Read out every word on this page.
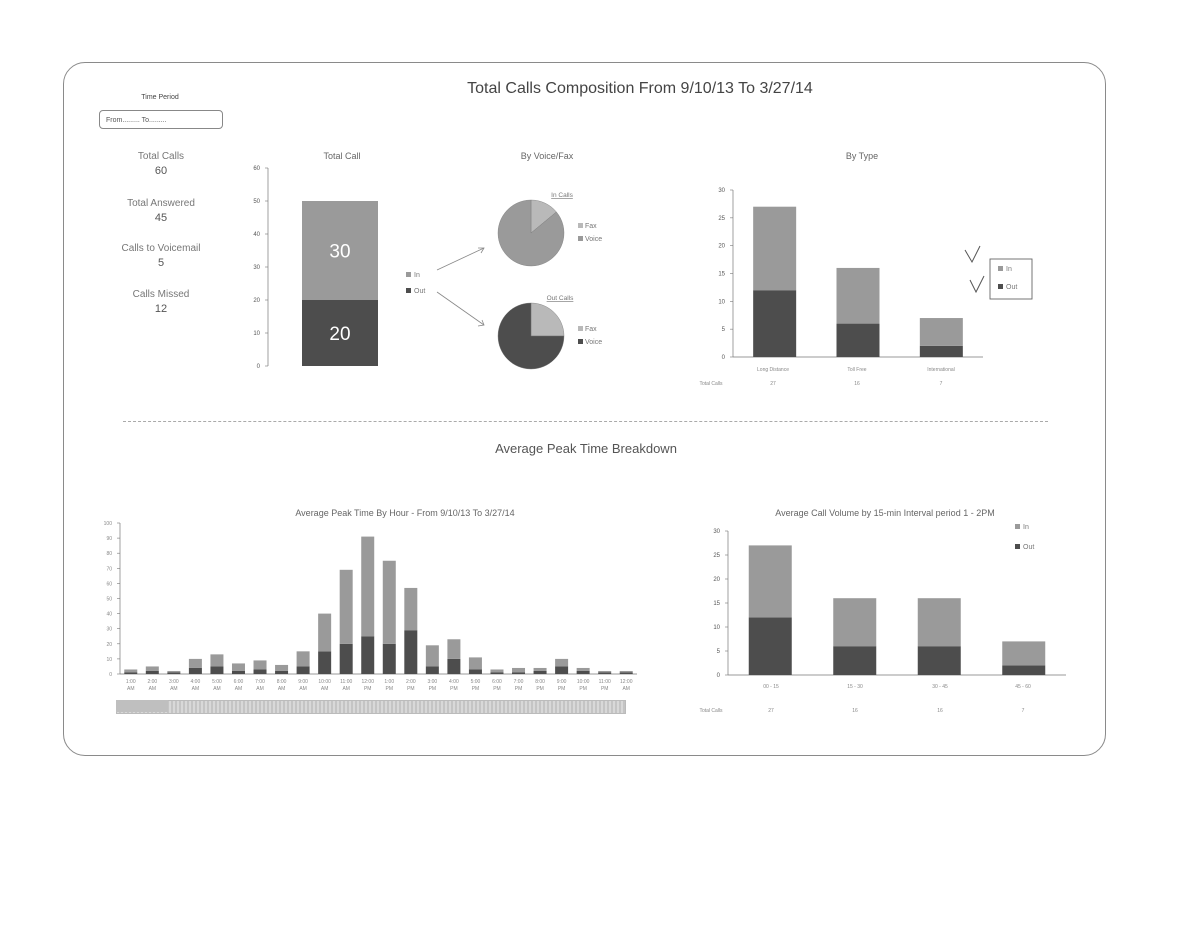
Total Calls Composition From 9/10/13 To 3/27/14
Time Period
From......... To.........
Total Calls
60
Total Answered
45
Calls to Voicemail
5
Calls Missed
12
Total Call	By Voice/Fax	By Type
Average Peak Time By Hour - From 9/10/13 To 3/27/14	Average Call Volume by 15-min Interval period 1 - 2PM
Average Peak Time Breakdown
0
10
20
30
40
50
60
20
30
In
Out
In Calls
Fax
Voice
Out Calls
Fax
Voice
0
5
10
15
20
25
30
Long Distance
27
Toll Free
16
International
7
Total Calls
In
Out
0
10
20
30
40
50
60
70
80
90
100
1:00
AM
2:00
AM
3:00
AM
4:00
AM
5:00
AM
6:00
AM
7:00
AM
8:00
AM
9:00
AM
10:00
AM
11:00
AM
12:00
PM
1:00
PM
2:00
PM
3:00
PM
4:00
PM
5:00
PM
6:00
PM
7:00
PM
8:00
PM
9:00
PM
10:00
PM
11:00
PM
12:00
AM
0
5
10
15
20
25
30
00 - 15
27
15 - 30
16
30 - 45
16
45 - 60
7
Total Calls
In
Out
